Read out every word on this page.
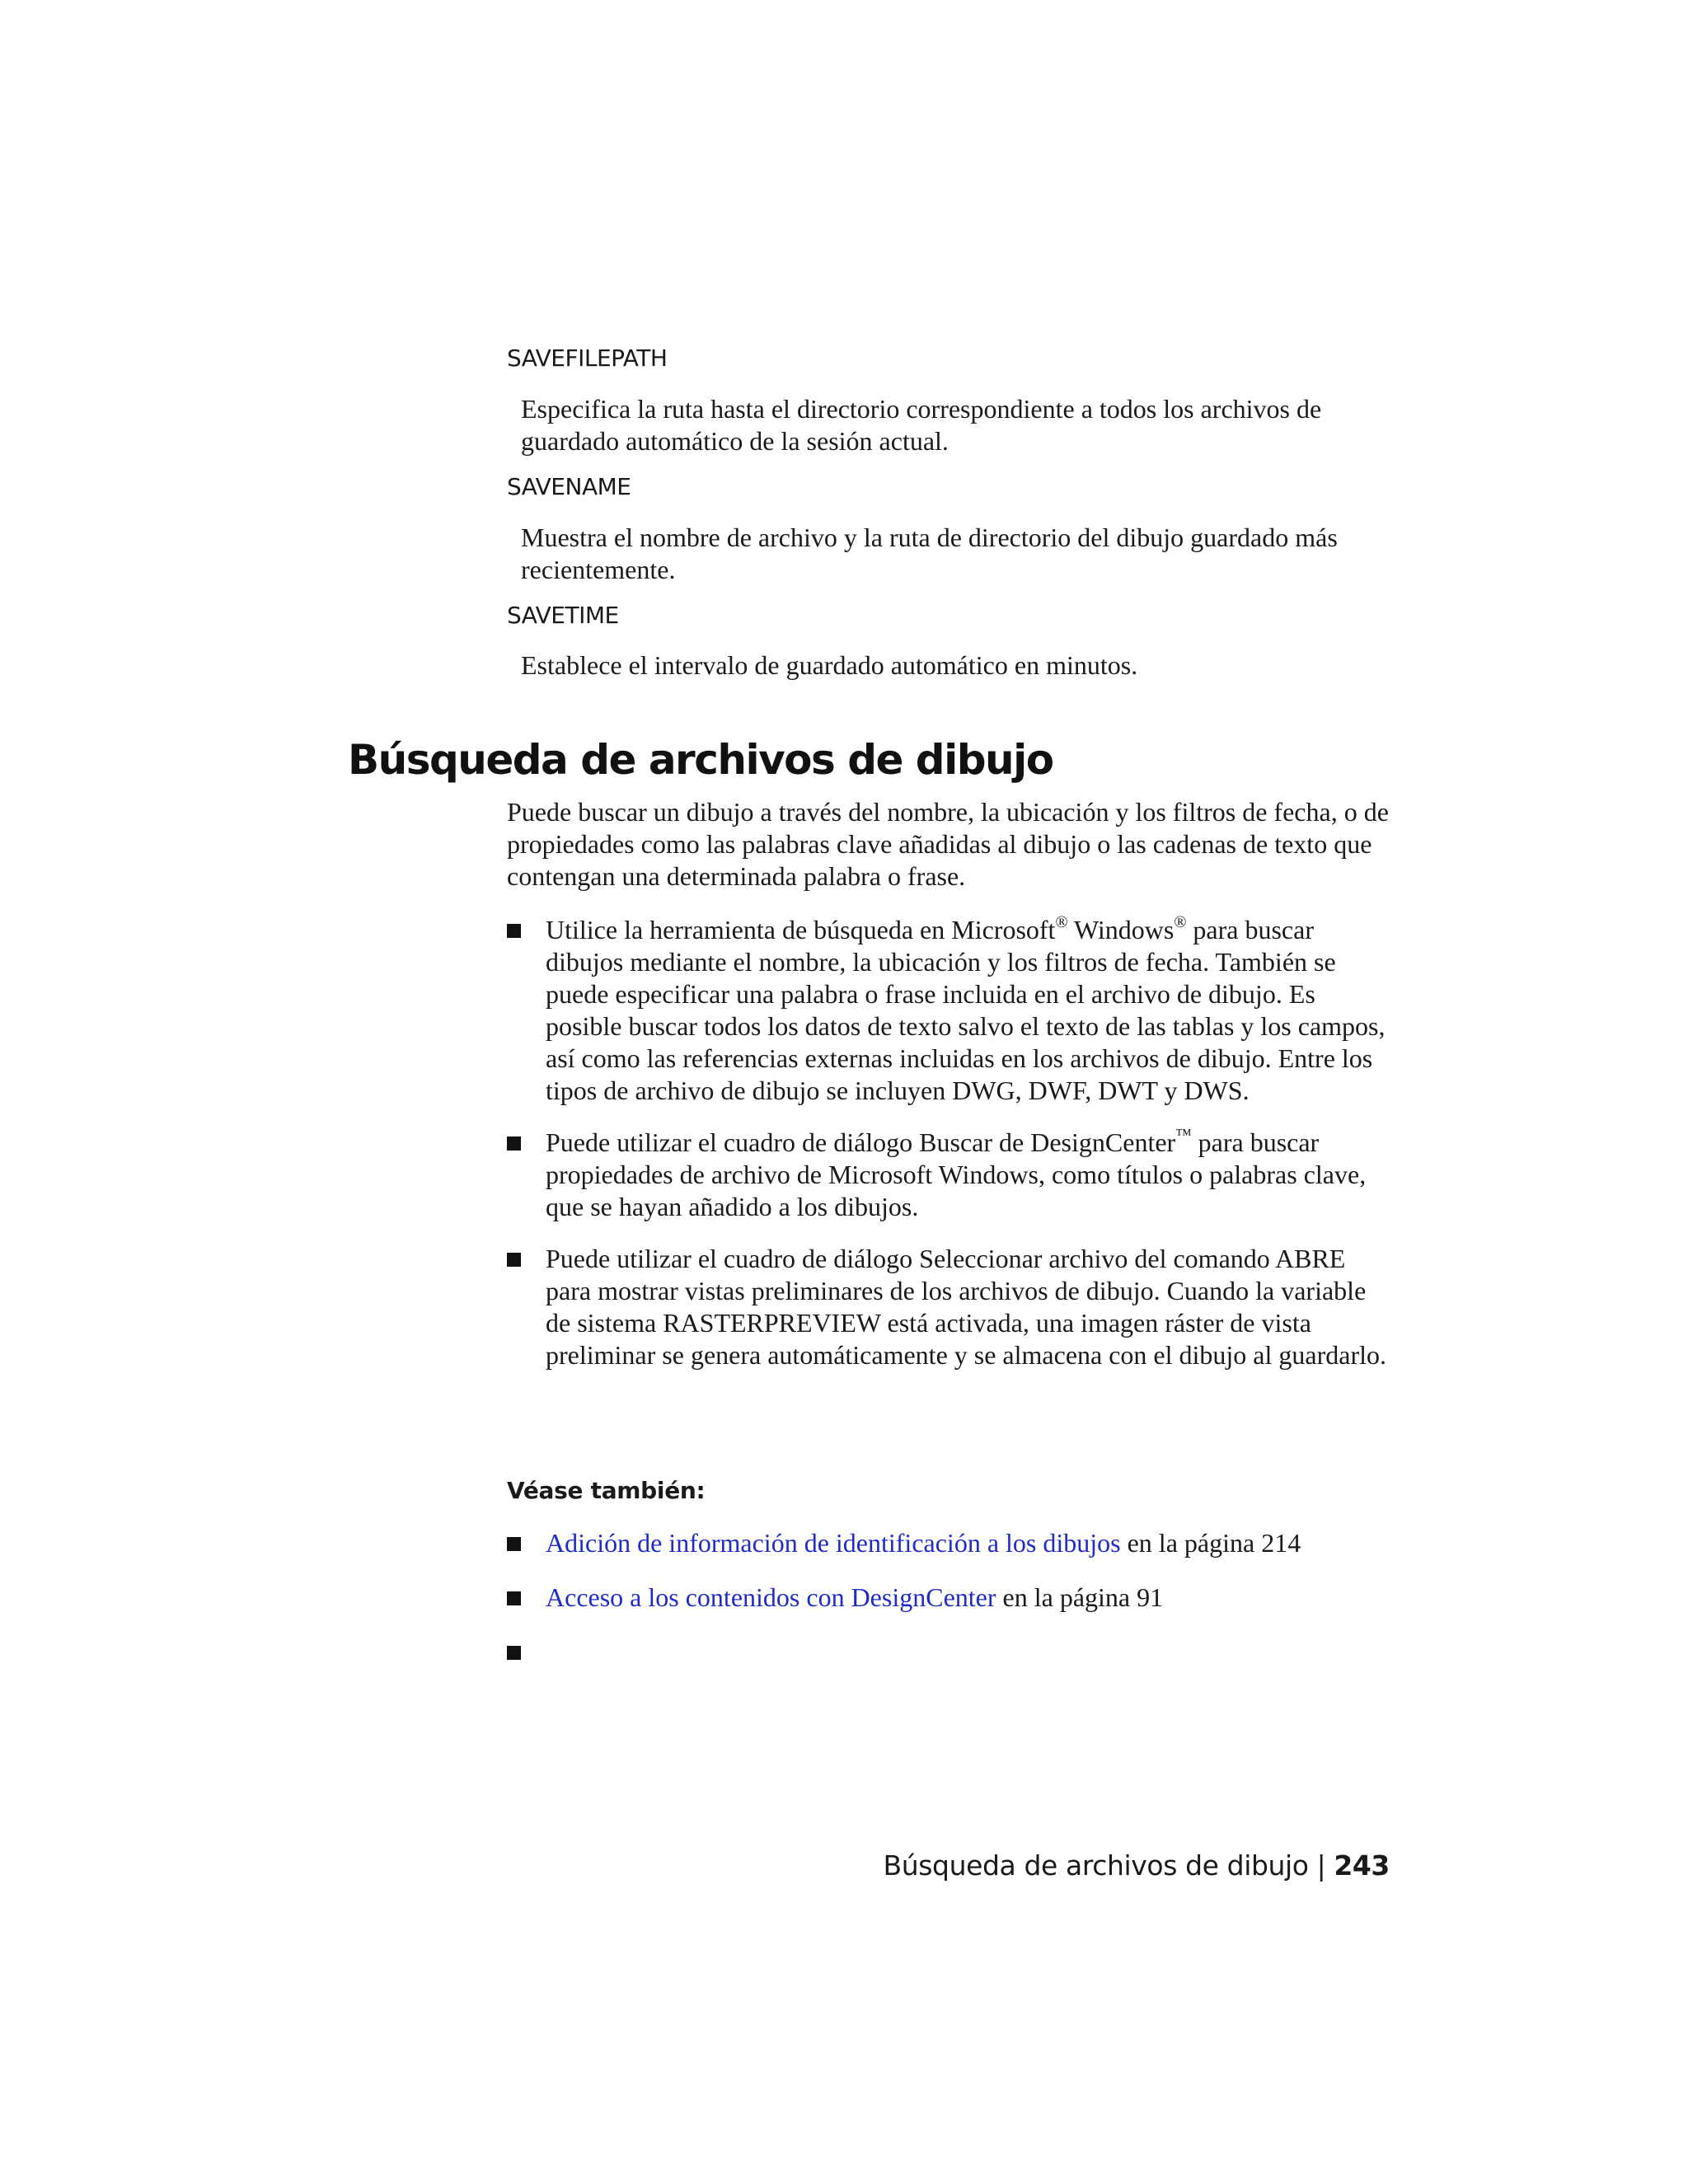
SAVEFILEPATH

Especifica la ruta hasta el directorio correspondiente a todos los archivos de guardado automático de la sesión actual.

SAVENAME

Muestra el nombre de archivo y la ruta de directorio del dibujo guardado más recientemente.

SAVETIME

Establece el intervalo de guardado automático en minutos.

Búsqueda de archivos de dibujo

Puede buscar un dibujo a través del nombre, la ubicación y los filtros de fecha, o de propiedades como las palabras clave añadidas al dibujo o las cadenas de texto que contengan una determinada palabra o frase.

Utilice la herramienta de búsqueda en Microsoft® Windows® para buscar dibujos mediante el nombre, la ubicación y los filtros de fecha. También se puede especificar una palabra o frase incluida en el archivo de dibujo. Es posible buscar todos los datos de texto salvo el texto de las tablas y los campos, así como las referencias externas incluidas en los archivos de dibujo. Entre los tipos de archivo de dibujo se incluyen DWG, DWF, DWT y DWS.
Puede utilizar el cuadro de diálogo Buscar de DesignCenter™ para buscar propiedades de archivo de Microsoft Windows, como títulos o palabras clave, que se hayan añadido a los dibujos.
Puede utilizar el cuadro de diálogo Seleccionar archivo del comando ABRE para mostrar vistas preliminares de los archivos de dibujo. Cuando la variable de sistema RASTERPREVIEW está activada, una imagen ráster de vista preliminar se genera automáticamente y se almacena con el dibujo al guardarlo.

Véase también:

Adición de información de identificación a los dibujos en la página 214
Acceso a los contenidos con DesignCenter en la página 91

Búsqueda de archivos de dibujo | 243
